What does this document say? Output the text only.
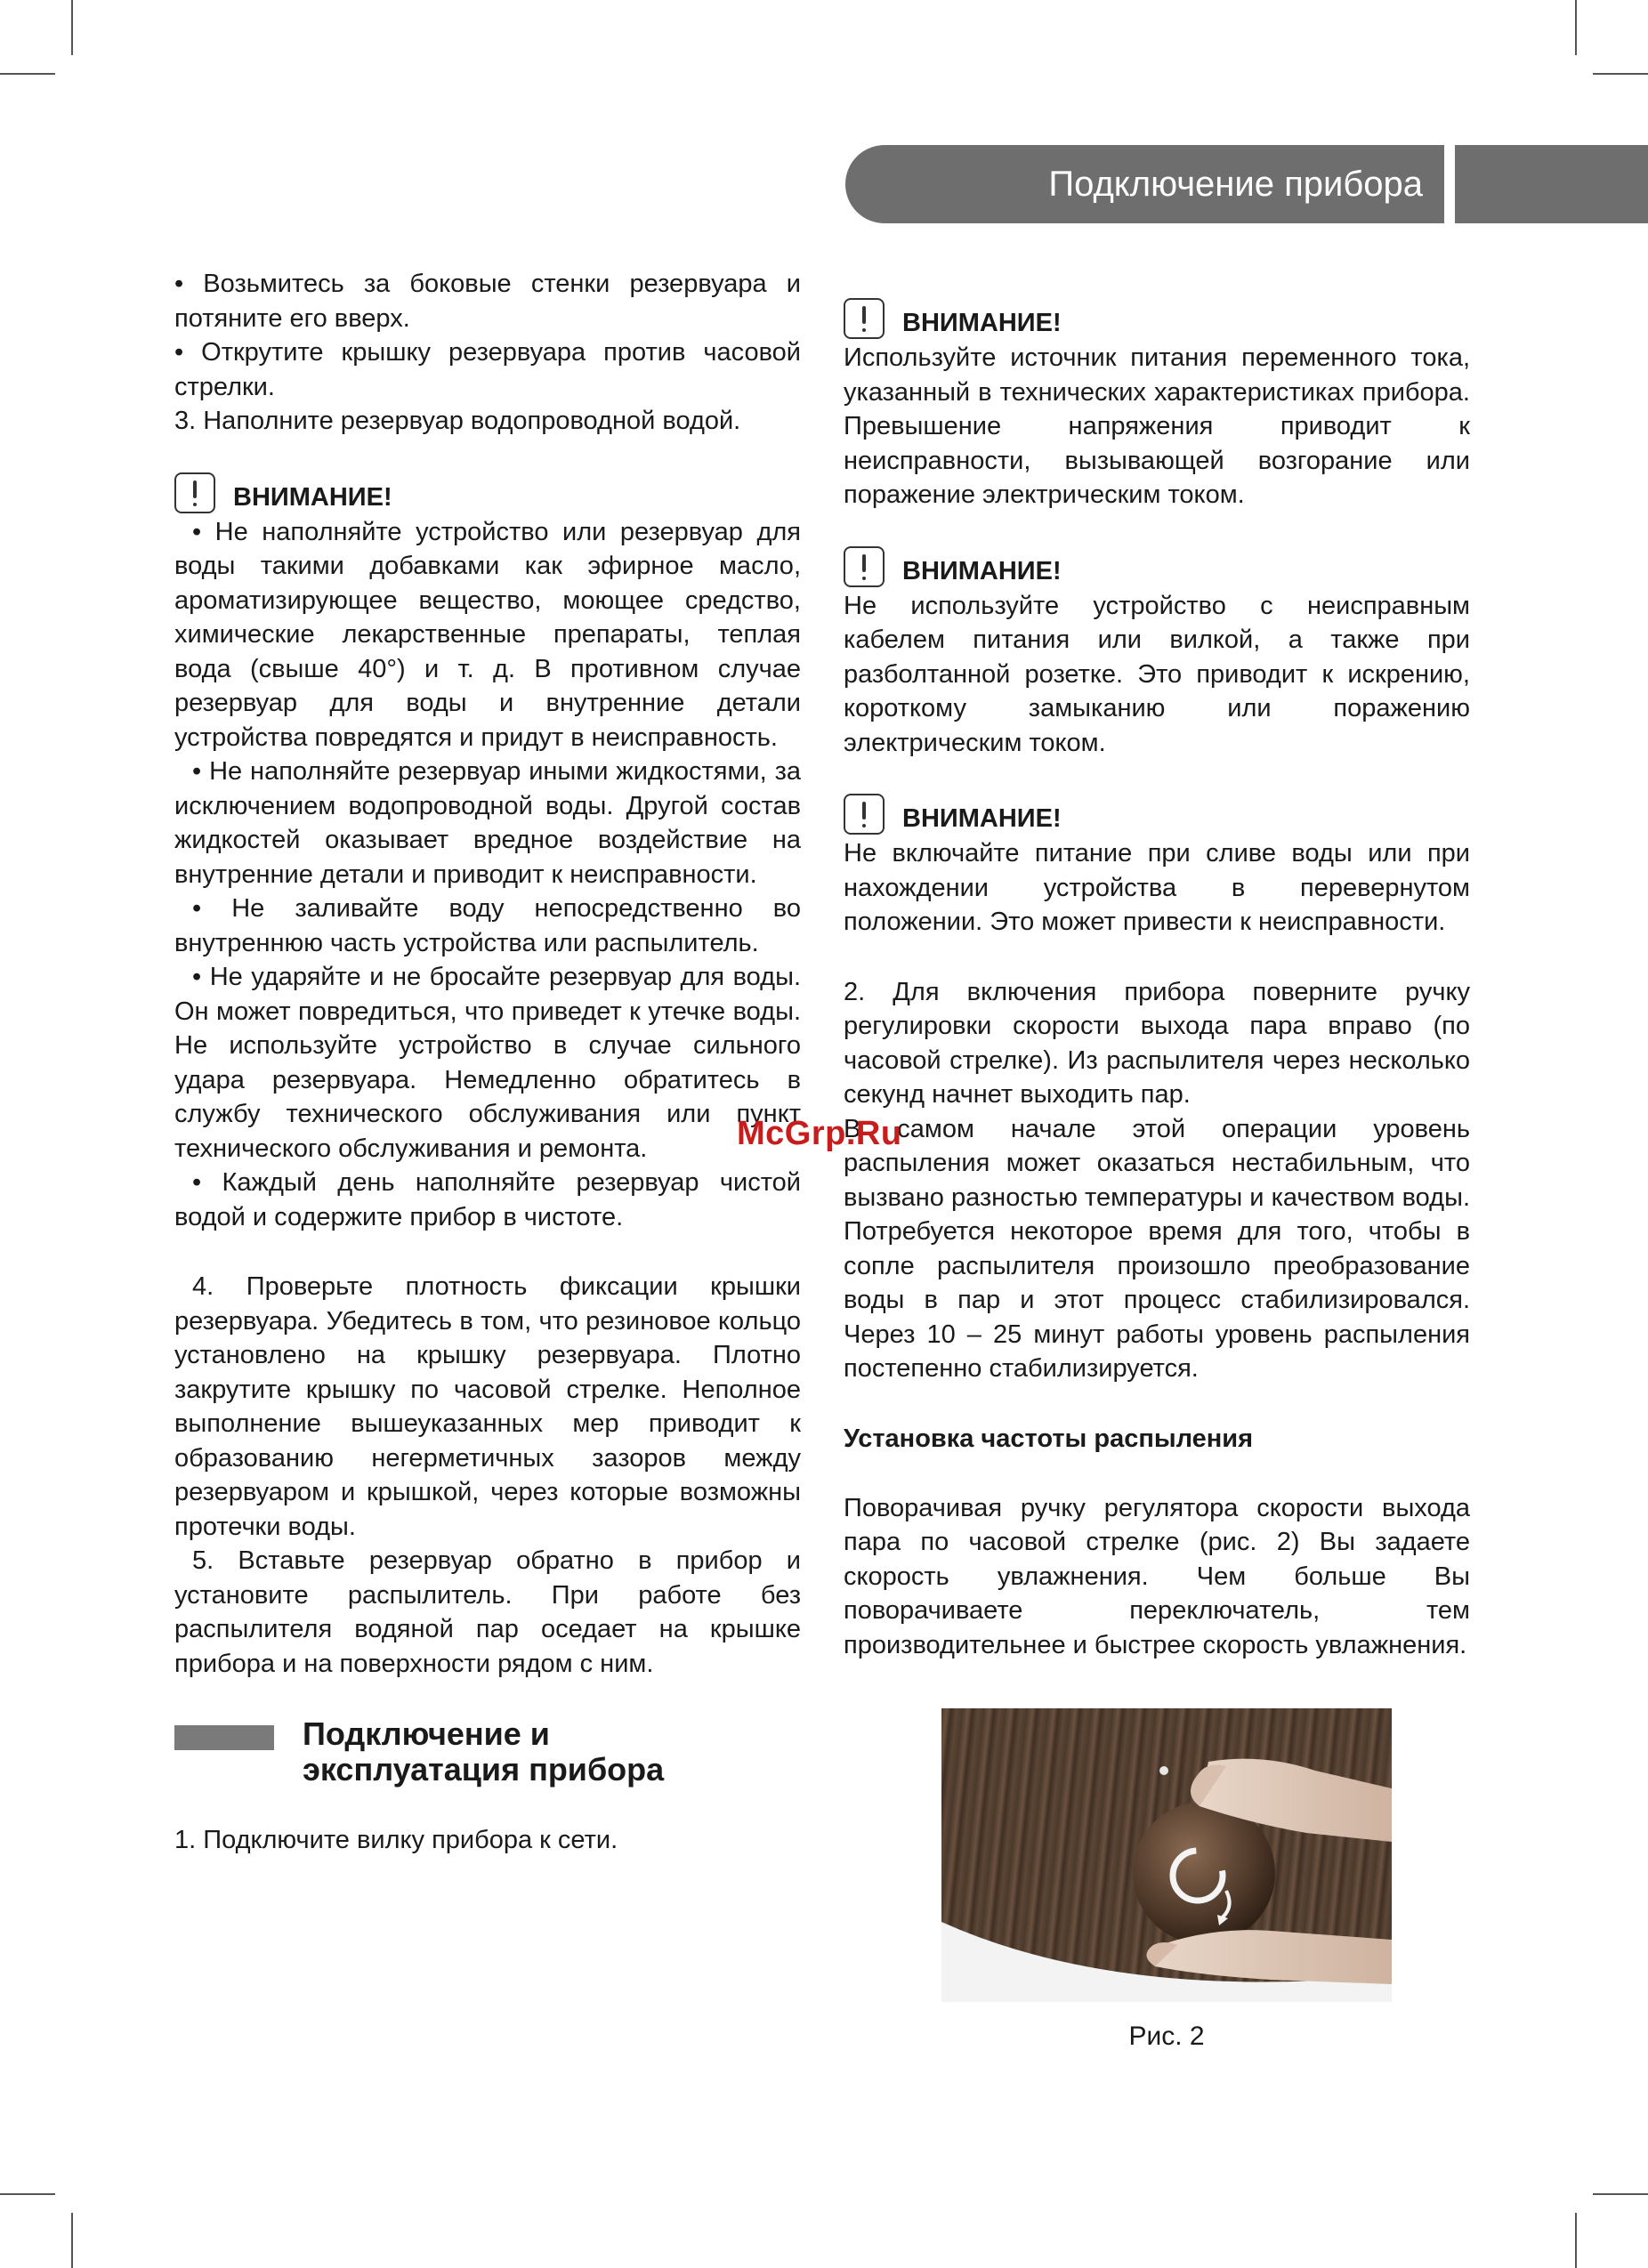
Подключение прибора

• Возьмитесь за боковые стенки резервуара и потяните его вверх.

• Открутите крышку резервуара против часовой стрелки.

3. Наполните резервуар водопроводной водой.

ВНИМАНИЕ!

• Не наполняйте устройство или резервуар для воды такими добавками как эфирное масло, ароматизирующее вещество, моющее средство, химические лекарственные препараты, теплая вода (свыше 40°) и т. д. В противном случае резервуар для воды и внутренние детали устройства повредятся и придут в неисправность.

• Не наполняйте резервуар иными жидкостями, за исключением водопроводной воды. Другой состав жидкостей оказывает вредное воздействие на внутренние детали и приводит к неисправности.

• Не заливайте воду непосредственно во внутреннюю часть устройства или распылитель.

• Не ударяйте и не бросайте резервуар для воды. Он может повредиться, что приведет к утечке воды. Не используйте устройство в случае сильного удара резервуара. Немедленно обратитесь в службу технического обслуживания или пункт технического обслуживания и ремонта.

• Каждый день наполняйте резервуар чистой водой и содержите прибор в чистоте.

4. Проверьте плотность фиксации крышки резервуара. Убедитесь в том, что резиновое кольцо установлено на крышку резервуара. Плотно закрутите крышку по часовой стрелке. Неполное выполнение вышеуказанных мер приводит к образованию негерметичных зазоров между резервуаром и крышкой, через которые возможны протечки воды.

5. Вставьте резервуар обратно в прибор и установите распылитель. При работе без распылителя водяной пар оседает на крышке прибора и на поверхности рядом с ним.

Подключение и
эксплуатация прибора

1. Подключите вилку прибора к сети.

ВНИМАНИЕ!

Используйте источник питания переменного тока, указанный в технических характеристиках прибора. Превышение напряжения приводит к неисправности, вызывающей возгорание или поражение электрическим током.

ВНИМАНИЕ!

Не используйте устройство с неисправным кабелем питания или вилкой, а также при разболтанной розетке. Это приводит к искрению, короткому замыканию или поражению электрическим током.

ВНИМАНИЕ!

Не включайте питание при сливе воды или при нахождении устройства в перевернутом положении. Это может привести к неисправности.

2. Для включения прибора поверните ручку регулировки скорости выхода пара вправо (по часовой стрелке). Из распылителя через несколько секунд начнет выходить пар.

В самом начале этой операции уровень распыления может оказаться нестабильным, что вызвано разностью температуры и качеством воды. Потребуется некоторое время для того, чтобы в сопле распылителя произошло преобразование воды в пар и этот процесс стабилизировался. Через 10 – 25 минут работы уровень распыления постепенно стабилизируется.

Установка частоты распыления

Поворачивая ручку регулятора скорости выхода пара по часовой стрелке (рис. 2) Вы задаете скорость увлажнения. Чем больше Вы поворачиваете переключатель, тем производительнее и быстрее скорость увлажнения.

Рис. 2
McGrp.Ru
